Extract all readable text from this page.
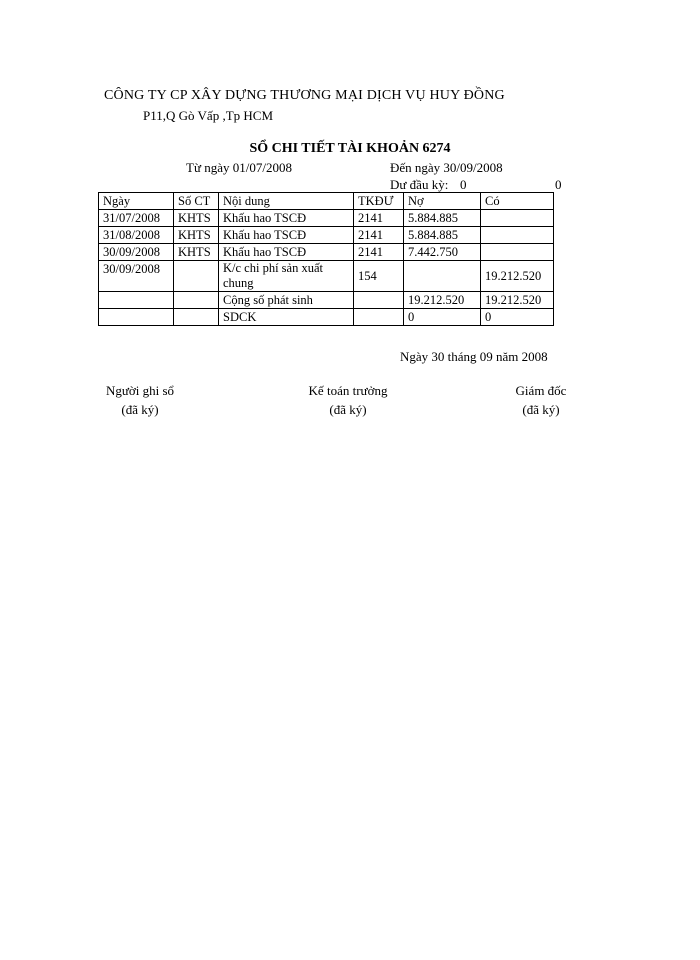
CÔNG TY CP XÂY DỰNG THƯƠNG MẠI DỊCH VỤ HUY ĐỒNG
P11,Q Gò Vấp ,Tp HCM
SỔ CHI TIẾT TÀI KHOẢN 6274
Từ ngày 01/07/2008	Đến ngày 30/09/2008
Dư đầu kỳ: 0	0
Ngày	Số CT	Nội dung	TKĐƯ	Nợ	Có
31/07/2008	KHTS	Khấu hao TSCĐ	2141	5.884.885	
31/08/2008	KHTS	Khấu hao TSCĐ	2141	5.884.885	
30/09/2008	KHTS	Khấu hao TSCĐ	2141	7.442.750	
30/09/2008		K/c chi phí sản xuất chung	154		19.212.520
		Cộng số phát sinh		19.212.520	19.212.520
		SDCK		0	0
Ngày 30 tháng 09 năm 2008
Người ghi sổ
(đã ký)
Kế toán trưởng
(đã ký)
Giám đốc
(đã ký)
